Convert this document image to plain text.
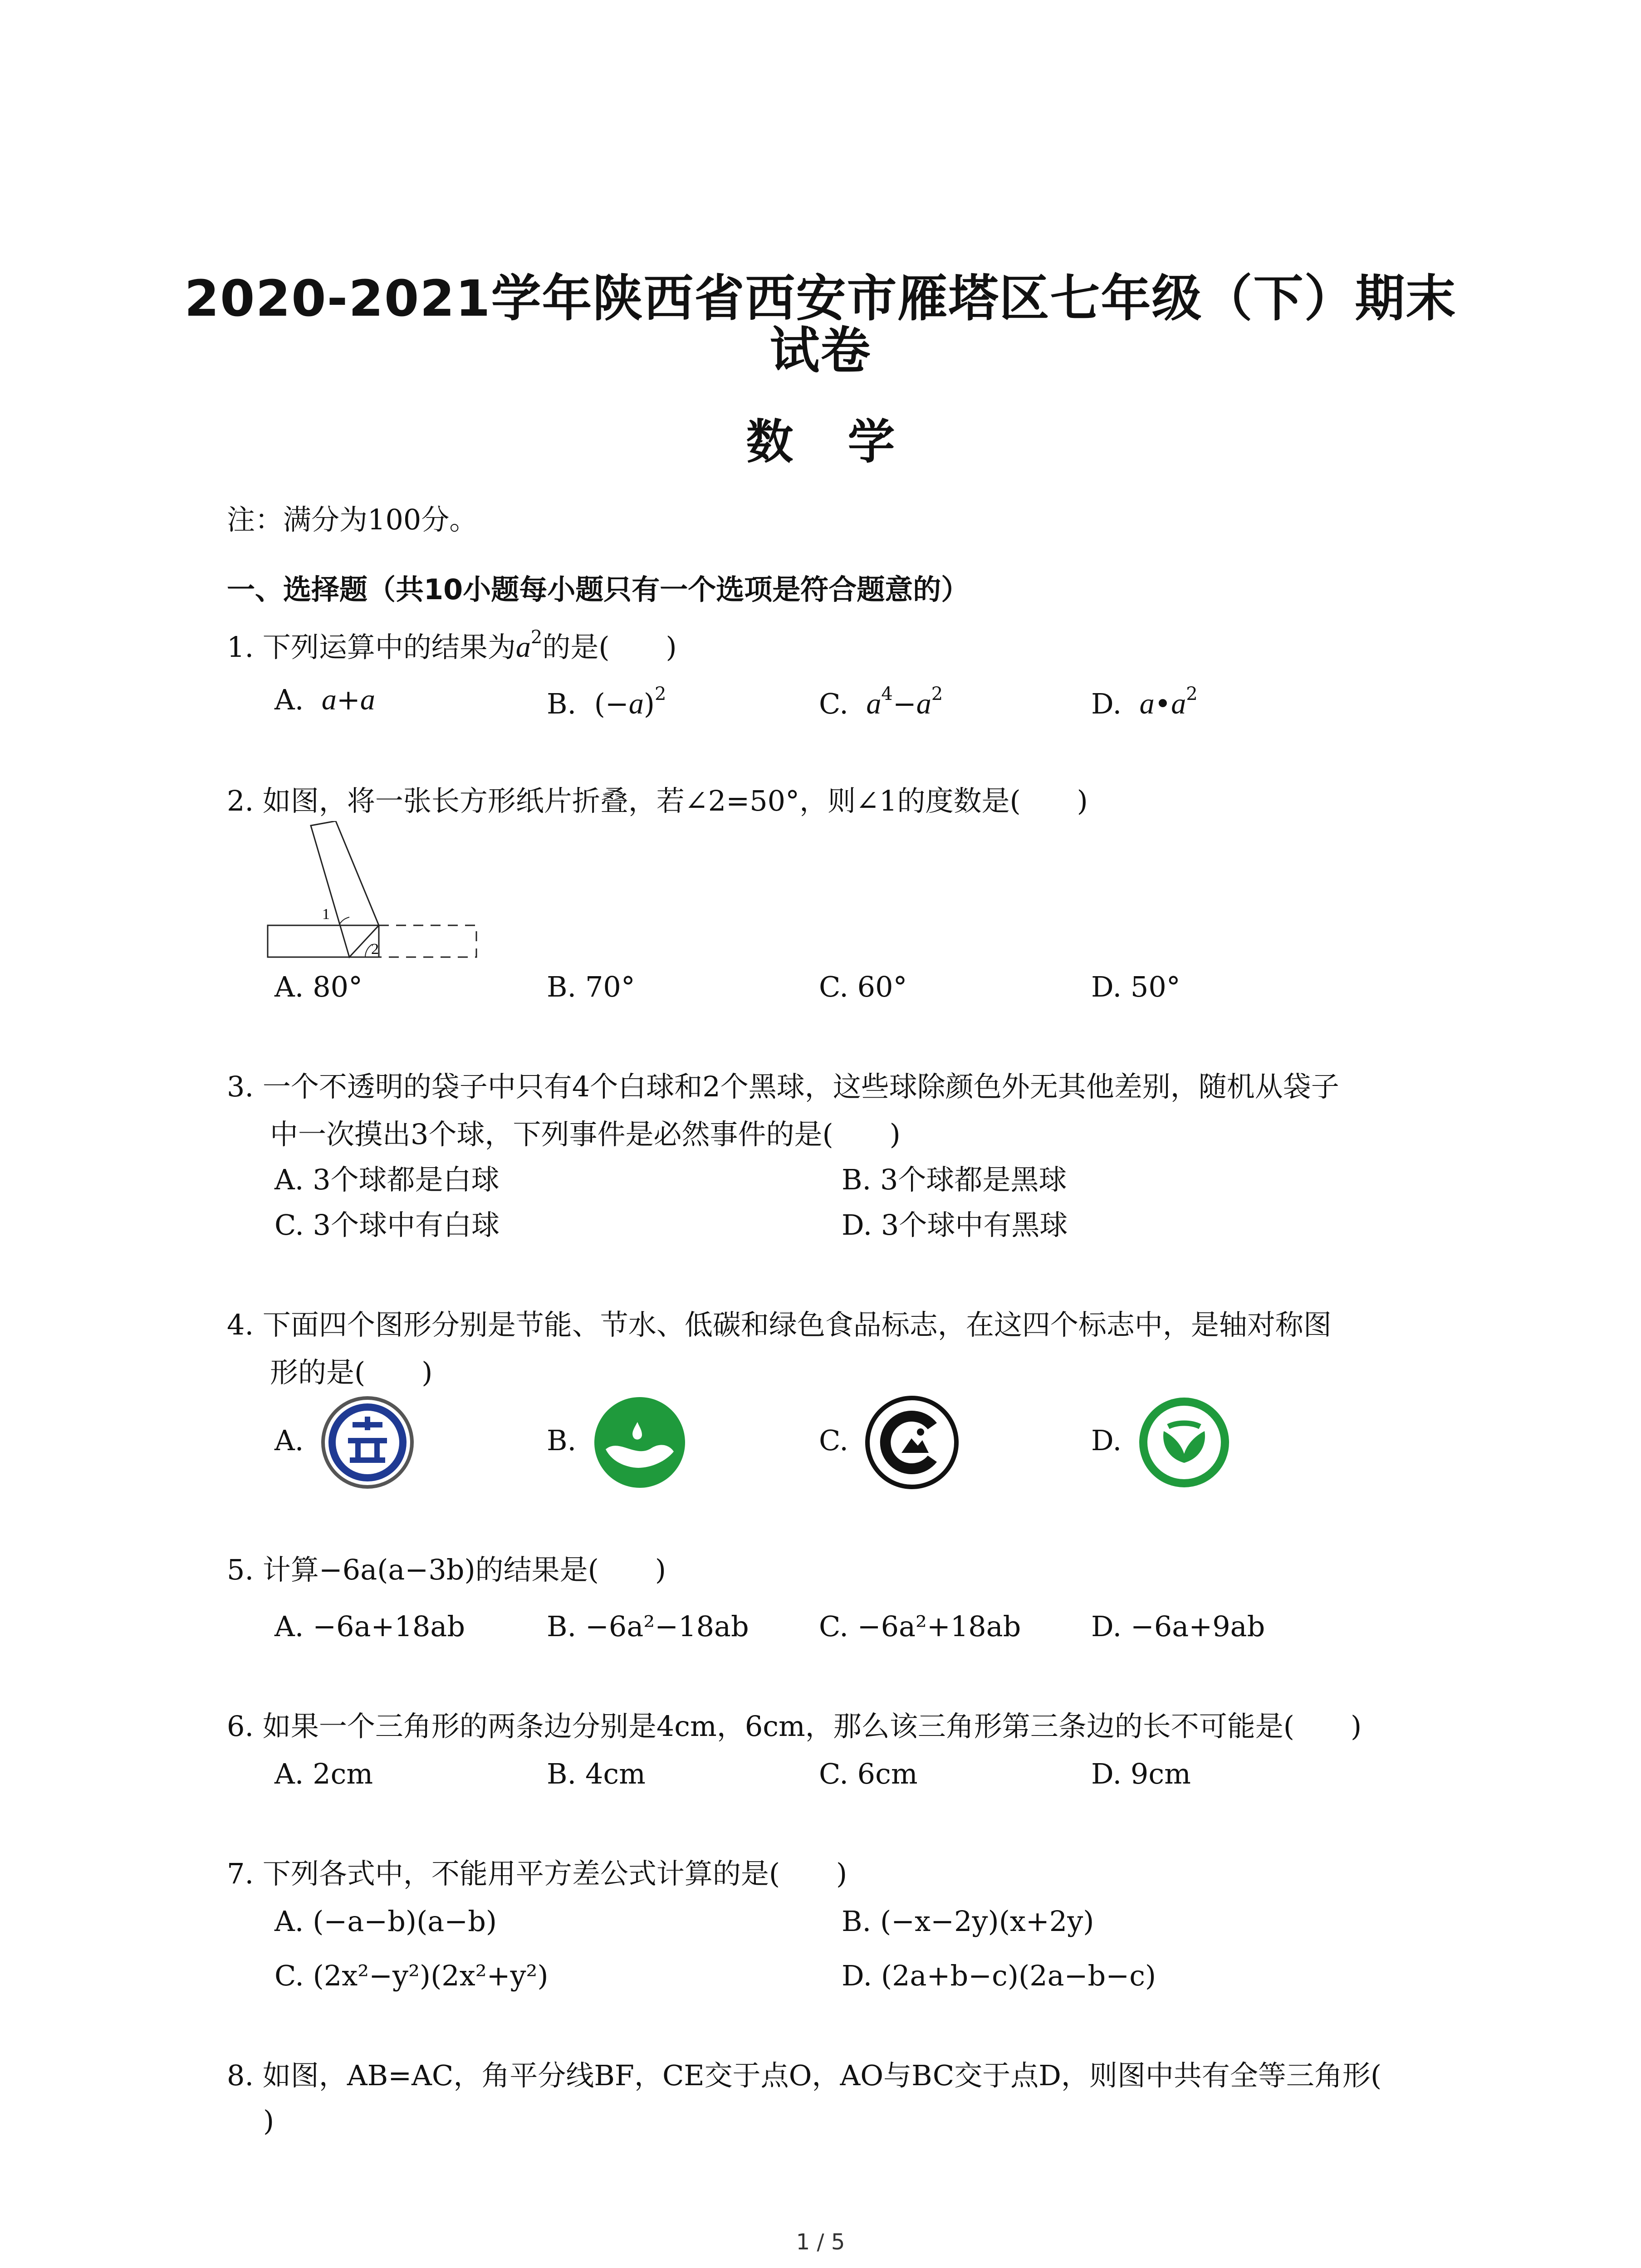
2020-2021学年陕西省西安市雁塔区七年级（下）期末
试卷
数学
注：满分为100分。
一、选择题（共10小题每小题只有一个选项是符合题意的）
1. 下列运算中的结果为$a^2$的是(　　)
A. a+a	B.  $(-a)^2$	C. $a^4-a^2$	D. $a•a^2$
2. 如图，将一张长方形纸片折叠，若∠2=50°，则∠1的度数是(　　)
1
2
A. 80°	B. 70°	C. 60°	D. 50°
3. 一个不透明的袋子中只有4个白球和2个黑球，这些球除颜色外无其他差别，随机从袋子
中一次摸出3个球，下列事件是必然事件的是(　　)
A. 3个球都是白球	B. 3个球都是黑球
C. 3个球中有白球	D. 3个球中有黑球
4. 下面四个图形分别是节能、节水、低碳和绿色食品标志，在这四个标志中，是轴对称图
形的是(　　)
A.	B.	C.	D.
5. 计算−6a(a−3b)的结果是(　　)
A. −6a+18ab	B. −6a²−18ab C. −6a²+18ab D. −6a+9ab
6. 如果一个三角形的两条边分别是4cm，6cm，那么该三角形第三条边的长不可能是(　　)
A. 2cm	B. 4cm	C. 6cm	D. 9cm
7. 下列各式中，不能用平方差公式计算的是(　　)
A. (−a−b)(a−b)	B. (−x−2y)(x+2y)
C. (2x²−y²)(2x²+y²)	D. (2a+b−c)(2a−b−c)
8. 如图，AB=AC，角平分线BF，CE交于点O，AO与BC交于点D，则图中共有全等三角形(
)
1 / 5
